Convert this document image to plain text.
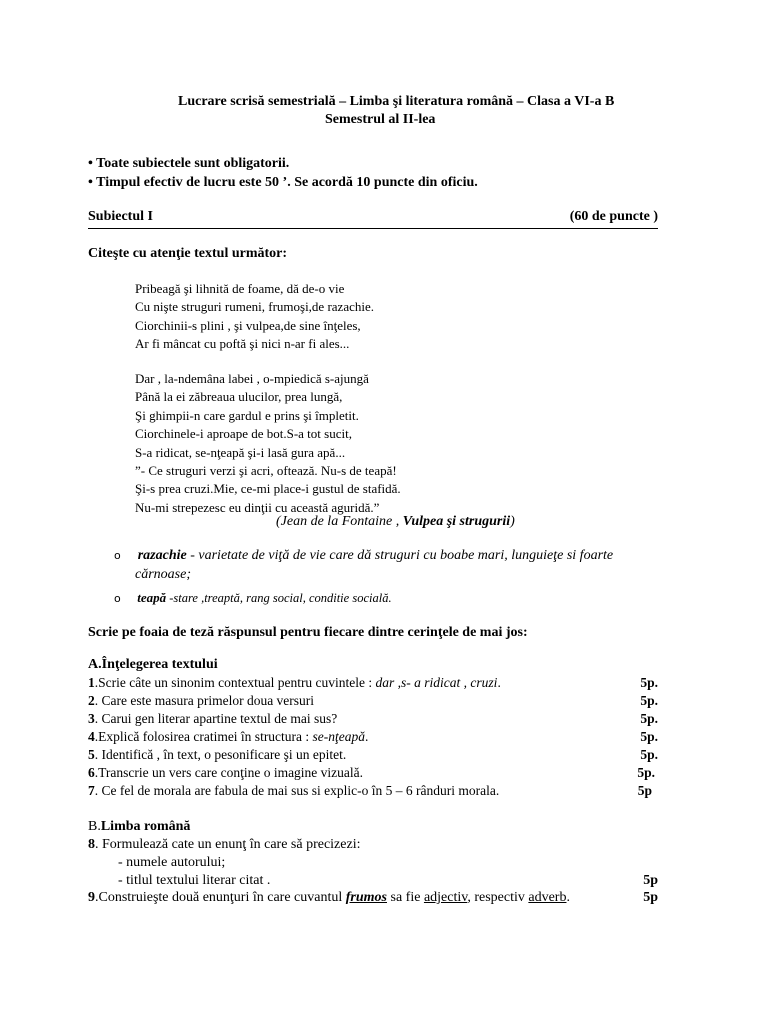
Lucrare scrisă semestrială – Limba şi literatura română – Clasa a VI-a B
Semestrul al II-lea
• Toate subiectele sunt obligatorii.
• Timpul efectiv de lucru este 50 ’. Se acordă 10 puncte din oficiu.
Subiectul I	(60 de puncte )
Citeşte cu atenţie textul următor:
Pribeagă şi lihnită de foame, dă de-o vie
Cu nişte struguri rumeni, frumoşi,de razachie.
Ciorchinii-s plini , şi vulpea,de sine înţeles,
Ar fi mâncat cu poftă şi nici n-ar fi ales...
Dar , la-ndemâna labei , o-mpiedică s-ajungă
Până la ei zăbreaua ulucilor, prea lungă,
Şi ghimpii-n care gardul e prins şi împletit.
Ciorchinele-i aproape de bot.S-a tot sucit,
S-a ridicat, se-nţeapă şi-i lasă gura apă...
”- Ce struguri verzi şi acri, oftează. Nu-s de teapă!
Şi-s prea cruzi.Mie, ce-mi place-i gustul de stafidă.
Nu-mi strepezesc eu dinţii cu această aguridă.”
(Jean de la Fontaine , Vulpea şi strugurii)
o razachie - varietate de viţă de vie care dă struguri cu boabe mari, lunguieţe si foarte
cărnoase;
o teapă -stare ,treaptă, rang social, conditie socială.
Scrie pe foaia de teză răspunsul pentru fiecare dintre cerinţele de mai jos:
A.Înţelegerea textului
1.Scrie câte un sinonim contextual pentru cuvintele : dar ,s- a ridicat , cruzi.	5p.
2. Care este masura primelor doua versuri	5p.
3. Carui gen literar apartine textul de mai sus?	5p.
4.Explică folosirea cratimei în structura : se-nţeapă.	5p.
5. Identifică , în text, o pesonificare şi un epitet.	5p.
6.Transcrie un vers care conţine o imagine vizuală.	5p.
7. Ce fel de morala are fabula de mai sus si explic-o în 5 – 6 rânduri morala.	5p
B.Limba română
8. Formulează cate un enunţ în care să precizezi:
- numele autorului;
- titlul textului literar citat .	5p
9.Construieşte două enunţuri în care cuvantul frumos sa fie adjectiv, respectiv adverb.	5p
